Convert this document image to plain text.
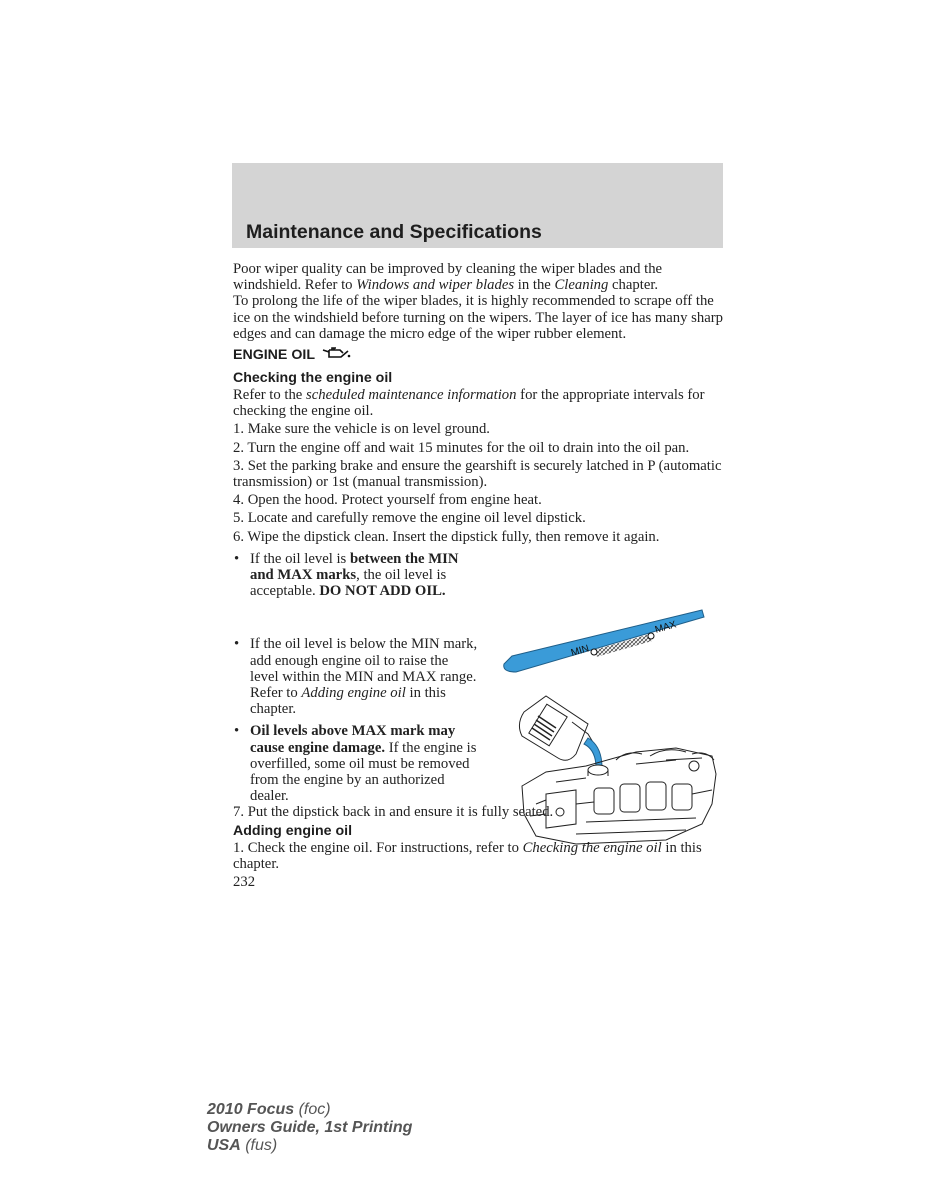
Maintenance and Specifications

Poor wiper quality can be improved by cleaning the wiper blades and the windshield. Refer to Windows and wiper blades in the Cleaning chapter.

To prolong the life of the wiper blades, it is highly recommended to scrape off the ice on the windshield before turning on the wipers. The layer of ice has many sharp edges and can damage the micro edge of the wiper rubber element.

ENGINE OIL
Checking the engine oil

Refer to the scheduled maintenance information for the appropriate intervals for checking the engine oil.

1. Make sure the vehicle is on level ground.

2. Turn the engine off and wait 15 minutes for the oil to drain into the oil pan.

3. Set the parking brake and ensure the gearshift is securely latched in P (automatic transmission) or 1st (manual transmission).

4. Open the hood. Protect yourself from engine heat.

5. Locate and carefully remove the engine oil level dipstick.

6. Wipe the dipstick clean. Insert the dipstick fully, then remove it again.

• If the oil level is between the MIN and MAX marks, the oil level is acceptable. DO NOT ADD OIL.
• If the oil level is below the MIN mark, add enough engine oil to raise the level within the MIN and MAX range. Refer to Adding engine oil in this chapter.
• Oil levels above MAX mark may cause engine damage. If the engine is overfilled, some oil must be removed from the engine by an authorized dealer.

7. Put the dipstick back in and ensure it is fully seated.

Adding engine oil

1. Check the engine oil. For instructions, refer to Checking the engine oil in this chapter.

232

MIN
MAX
2010 Focus (foc)
Owners Guide, 1st Printing
USA (fus)
